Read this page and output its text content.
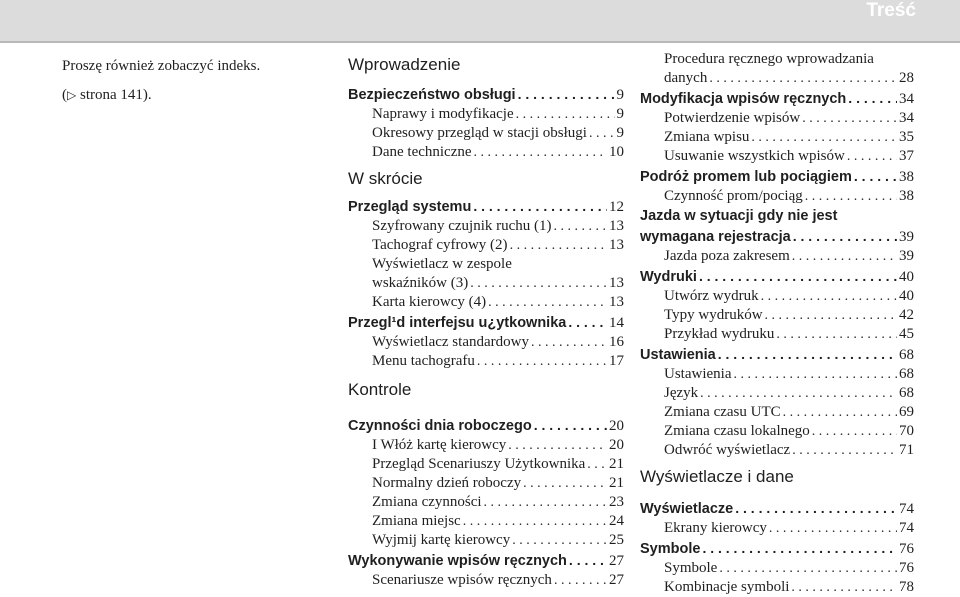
Treść
Proszę również zobaczyć indeks.
(▷ strona 141).
Wprowadzenie
Bezpieczeństwo obsługi . . .	9
Naprawy i modyfikacje . . .	9
Okresowy przegląd w stacji obsługi . . . 9
Dane techniczne . . .	10
W skrócie
Przegląd systemu . . .	12
Szyfrowany czujnik ruchu (1) . . .	13
Tachograf cyfrowy (2) . . .	13
Wyświetlacz w zespole
wskaźników (3) . . .	13
Karta kierowcy (4) . . .	13
Przegl¹d interfejsu u¿ytkownika . . .	14
Wyświetlacz standardowy . . .	16
Menu tachografu . . .	17
Kontrole
Czynności dnia roboczego . . .	20
I Włóż kartę kierowcy . . .	20
Przegląd Scenariuszy Użytkownika . . . 21
Normalny dzień roboczy . . .	21
Zmiana czynności . . .	23
Zmiana miejsc . . .	24
Wyjmij kartę kierowcy . . .	25
Wykonywanie wpisów ręcznych . . .	27
Scenariusze wpisów ręcznych . . .	27
Procedura ręcznego wprowadzania
danych . . .	28
Modyfikacja wpisów ręcznych . . .	34
Potwierdzenie wpisów . . .	34
Zmiana wpisu . . .	35
Usuwanie wszystkich wpisów . . .	37
Podróż promem lub pociągiem . . .	38
Czynność prom/pociąg . . .	38
Jazda w sytuacji gdy nie jest
wymagana rejestracja . . .	39
Jazda poza zakresem . . .	39
Wydruki . . .	40
Utwórz wydruk . . .	40
Typy wydruków . . .	42
Przykład wydruku . . .	45
Ustawienia . . .	68
Ustawienia . . .	68
Język . . .	68
Zmiana czasu UTC . . .	69
Zmiana czasu lokalnego . . .	70
Odwróć wyświetlacz . . .	71
Wyświetlacze i dane
Wyświetlacze . . .	74
Ekrany kierowcy . . .	74
Symbole . . .	76
Symbole . . .	76
Kombinacje symboli . . .	78
